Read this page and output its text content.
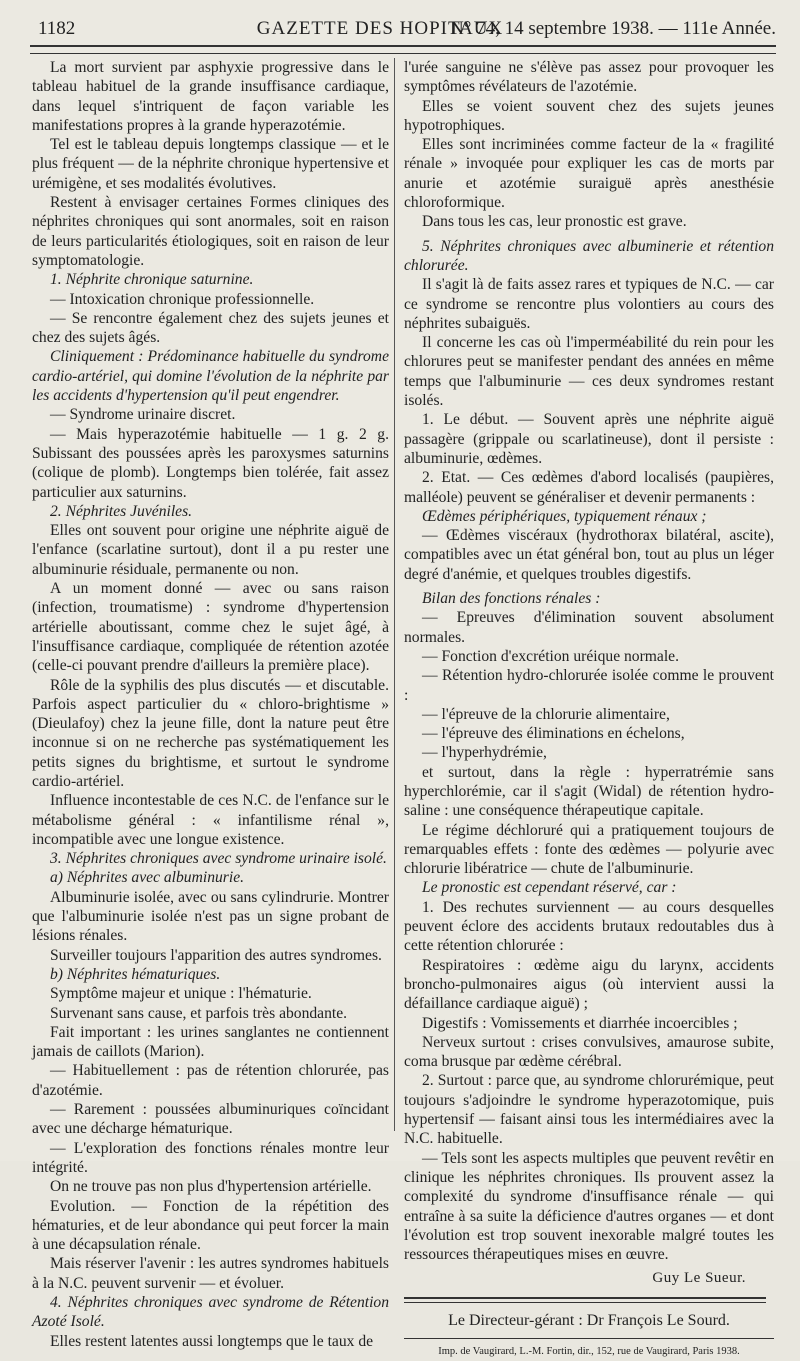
1182	GAZETTE DES HOPITAUX
N° 74, 14 septembre 1938. — 111e Année.

La mort survient par asphyxie progressive dans le tableau habituel de la grande insuffisance cardiaque, dans lequel s'intriquent de façon variable les manifestations propres à la grande hyperazotémie.

Tel est le tableau depuis longtemps classique — et le plus fréquent — de la néphrite chronique hypertensive et urémigène, et ses modalités évolutives.

Restent à envisager certaines Formes cliniques des néphrites chroniques qui sont anormales, soit en raison de leurs particularités étiologiques, soit en raison de leur symptomatologie.

1. Néphrite chronique saturnine.

— Intoxication chronique professionnelle.

— Se rencontre également chez des sujets jeunes et chez des sujets âgés.

Cliniquement : Prédominance habituelle du syndrome cardio-artériel, qui domine l'évolution de la néphrite par les accidents d'hypertension qu'il peut engendrer.

— Syndrome urinaire discret.

— Mais hyperazotémie habituelle — 1 g. 2 g. Subissant des poussées après les paroxysmes saturnins (colique de plomb). Longtemps bien tolérée, fait assez particulier aux saturnins.

2. Néphrites Juvéniles.

Elles ont souvent pour origine une néphrite aiguë de l'enfance (scarlatine surtout), dont il a pu rester une albuminurie résiduale, permanente ou non.

A un moment donné — avec ou sans raison (infection, troumatisme) : syndrome d'hypertension artérielle aboutissant, comme chez le sujet âgé, à l'insuffisance cardiaque, compliquée de rétention azotée (celle-ci pouvant prendre d'ailleurs la première place).

Rôle de la syphilis des plus discutés — et discutable. Parfois aspect particulier du « chloro-brightisme » (Dieulafoy) chez la jeune fille, dont la nature peut être inconnue si on ne recherche pas systématiquement les petits signes du brightisme, et surtout le syndrome cardio-artériel.

Influence incontestable de ces N.C. de l'enfance sur le métabolisme général : « infantilisme rénal », incompatible avec une longue existence.

3. Néphrites chroniques avec syndrome urinaire isolé.

a) Néphrites avec albuminurie.

Albuminurie isolée, avec ou sans cylindrurie. Montrer que l'albuminurie isolée n'est pas un signe probant de lésions rénales.

Surveiller toujours l'apparition des autres syndromes.

b) Néphrites hématuriques.

Symptôme majeur et unique : l'hématurie.

Survenant sans cause, et parfois très abondante.

Fait important : les urines sanglantes ne contiennent jamais de caillots (Marion).

— Habituellement : pas de rétention chlorurée, pas d'azotémie.

— Rarement : poussées albuminuriques coïncidant avec une décharge hématurique.

— L'exploration des fonctions rénales montre leur intégrité.

On ne trouve pas non plus d'hypertension artérielle.

Evolution. — Fonction de la répétition des hématuries, et de leur abondance qui peut forcer la main à une décapsulation rénale.

Mais réserver l'avenir : les autres syndromes habituels à la N.C. peuvent survenir — et évoluer.

4. Néphrites chroniques avec syndrome de Rétention Azoté Isolé.

Elles restent latentes aussi longtemps que le taux de

l'urée sanguine ne s'élève pas assez pour provoquer les symptômes révélateurs de l'azotémie.

Elles se voient souvent chez des sujets jeunes hypotrophiques.

Elles sont incriminées comme facteur de la « fragilité rénale » invoquée pour expliquer les cas de morts par anurie et azotémie suraiguë après anesthésie chloroformique.

Dans tous les cas, leur pronostic est grave.

5. Néphrites chroniques avec albuminerie et rétention chlorurée.

Il s'agit là de faits assez rares et typiques de N.C. — car ce syndrome se rencontre plus volontiers au cours des néphrites subaiguës.

Il concerne les cas où l'imperméabilité du rein pour les chlorures peut se manifester pendant des années en même temps que l'albuminurie — ces deux syndromes restant isolés.

1. Le début. — Souvent après une néphrite aiguë passagère (grippale ou scarlatineuse), dont il persiste : albuminurie, œdèmes.

2. Etat. — Ces œdèmes d'abord localisés (paupières, malléole) peuvent se généraliser et devenir permanents :

Œdèmes périphériques, typiquement rénaux ;

— Œdèmes viscéraux (hydrothorax bilatéral, ascite), compatibles avec un état général bon, tout au plus un léger degré d'anémie, et quelques troubles digestifs.

Bilan des fonctions rénales :

— Epreuves d'élimination souvent absolument normales.

— Fonction d'excrétion uréique normale.

— Rétention hydro-chlorurée isolée comme le prouvent :

— l'épreuve de la chlorurie alimentaire,

— l'épreuve des éliminations en échelons,

— l'hyperhydrémie,

et surtout, dans la règle : hyperratrémie sans hyperchlorémie, car il s'agit (Widal) de rétention hydro-saline : une conséquence thérapeutique capitale.

Le régime déchloruré qui a pratiquement toujours de remarquables effets : fonte des œdèmes — polyurie avec chlorurie libératrice — chute de l'albuminurie.

Le pronostic est cependant réservé, car :

1. Des rechutes surviennent — au cours desquelles peuvent éclore des accidents brutaux redoutables dus à cette rétention chlorurée :

Respiratoires : œdème aigu du larynx, accidents broncho-pulmonaires aigus (où intervient aussi la défaillance cardiaque aiguë) ;

Digestifs : Vomissements et diarrhée incoercibles ;

Nerveux surtout : crises convulsives, amaurose subite, coma brusque par œdème cérébral.

2. Surtout : parce que, au syndrome chlorurémique, peut toujours s'adjoindre le syndrome hyperazotomique, puis hypertensif — faisant ainsi tous les intermédiaires avec la N.C. habituelle.

— Tels sont les aspects multiples que peuvent revêtir en clinique les néphrites chroniques. Ils prouvent assez la complexité du syndrome d'insuffisance rénale — qui entraîne à sa suite la déficience d'autres organes — et dont l'évolution est trop souvent inexorable malgré toutes les ressources thérapeutiques mises en œuvre.

Guy Le Sueur.
Le Directeur-gérant : Dr François Le Sourd.
Imp. de Vaugirard, L.-M. Fortin, dir., 152, rue de Vaugirard, Paris 1938.
